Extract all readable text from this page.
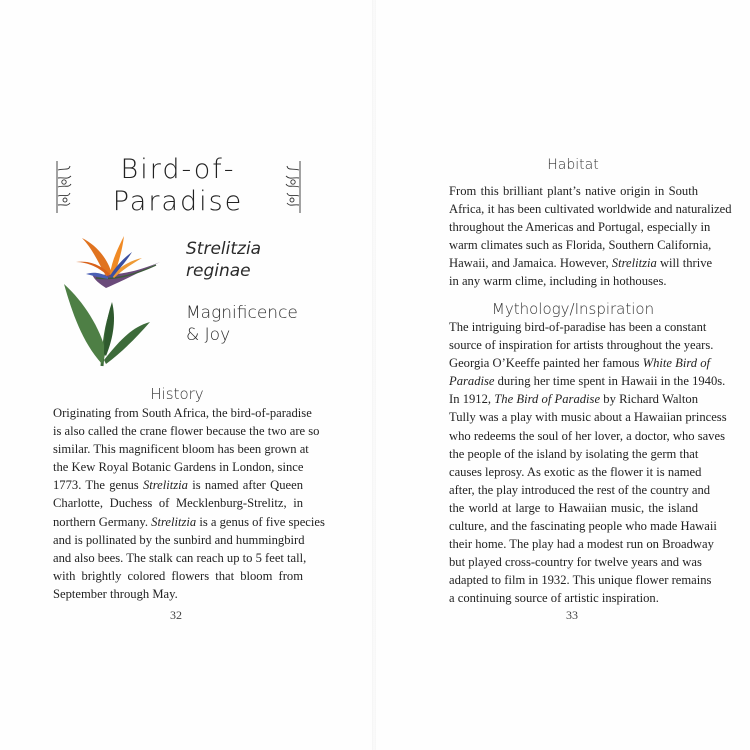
Bird-of-
Paradise
Strelitzia
reginae
Magnificence
& Joy
History
Originating from South Africa, the bird-of-paradise
is also called the crane flower because the two are so
similar. This magnificent bloom has been grown at
the Kew Royal Botanic Gardens in London, since
1773. The genus Strelitzia is named after Queen
Charlotte, Duchess of Mecklenburg-Strelitz, in
northern Germany. Strelitzia is a genus of five species
and is pollinated by the sunbird and hummingbird
and also bees. The stalk can reach up to 5 feet tall,
with brightly colored flowers that bloom from
September through May.
32
Habitat
From this brilliant plant’s native origin in South
Africa, it has been cultivated worldwide and naturalized
throughout the Americas and Portugal, especially in
warm climates such as Florida, Southern California,
Hawaii, and Jamaica. However, Strelitzia will thrive
in any warm clime, including in hothouses.
Mythology/Inspiration
The intriguing bird-of-paradise has been a constant
source of inspiration for artists throughout the years.
Georgia O’Keeffe painted her famous White Bird of
Paradise during her time spent in Hawaii in the 1940s.
In 1912, The Bird of Paradise by Richard Walton
Tully was a play with music about a Hawaiian princess
who redeems the soul of her lover, a doctor, who saves
the people of the island by isolating the germ that
causes leprosy. As exotic as the flower it is named
after, the play introduced the rest of the country and
the world at large to Hawaiian music, the island
culture, and the fascinating people who made Hawaii
their home. The play had a modest run on Broadway
but played cross-country for twelve years and was
adapted to film in 1932. This unique flower remains
a continuing source of artistic inspiration.
33
